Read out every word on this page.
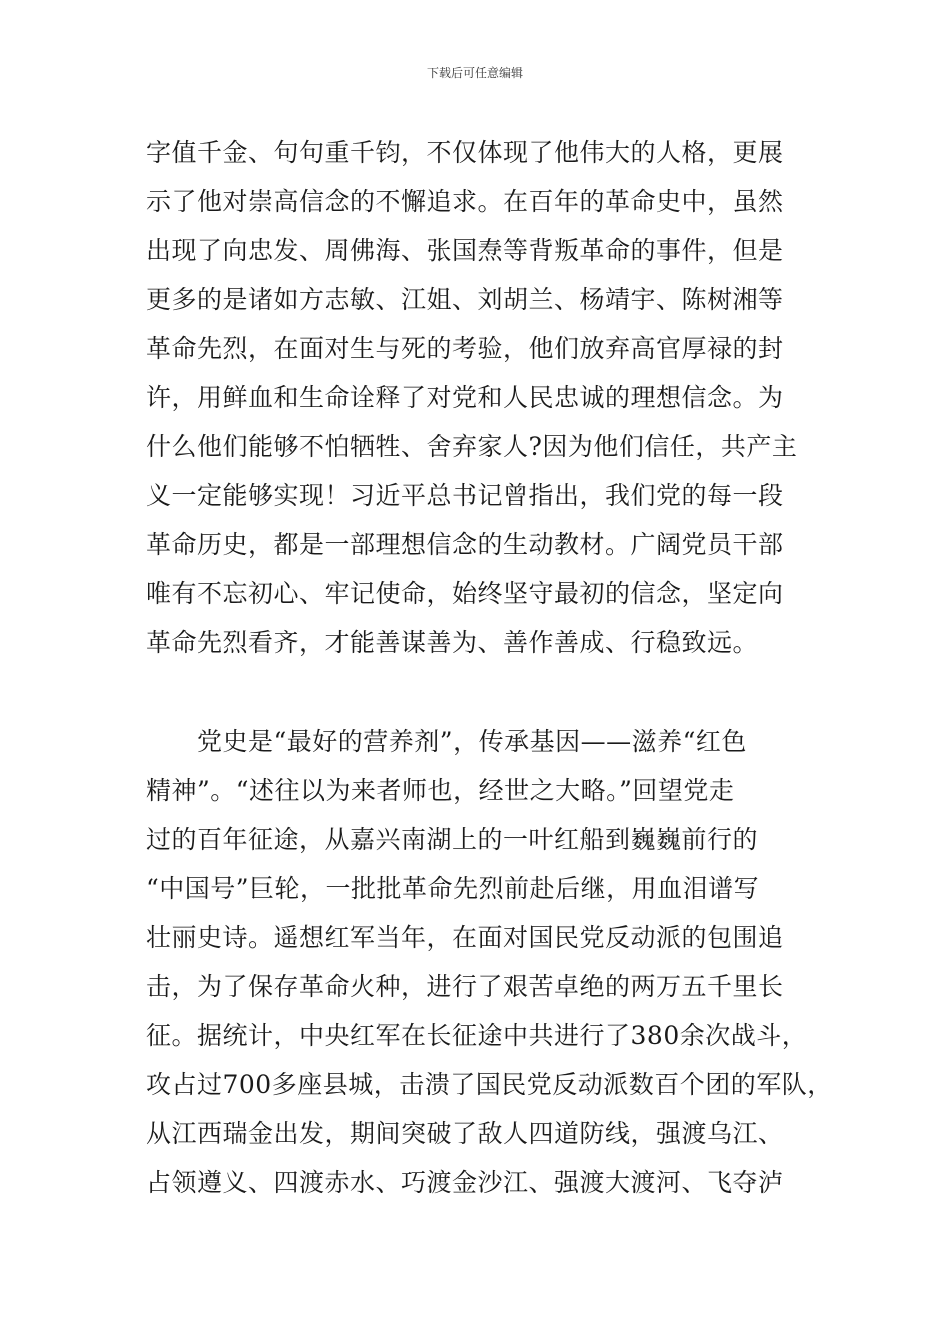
下载后可任意编辑
字值千金、句句重千钧，不仅体现了他伟大的人格，更展
示了他对崇高信念的不懈追求。在百年的革命史中，虽然
出现了向忠发、周佛海、张国焘等背叛革命的事件，但是
更多的是诸如方志敏、江姐、刘胡兰、杨靖宇、陈树湘等
革命先烈，在面对生与死的考验，他们放弃高官厚禄的封
许，用鲜血和生命诠释了对党和人民忠诚的理想信念。为
什么他们能够不怕牺牲、舍弃家人?因为他们信任，共产主
义一定能够实现！习近平总书记曾指出，我们党的每一段
革命历史，都是一部理想信念的生动教材。广阔党员干部
唯有不忘初心、牢记使命，始终坚守最初的信念，坚定向
革命先烈看齐，才能善谋善为、善作善成、行稳致远。
　　党史是“最好的营养剂”，传承基因——滋养“红色
精神”。“述往以为来者师也，经世之大略。”回望党走
过的百年征途，从嘉兴南湖上的一叶红船到巍巍前行的
“中国号”巨轮，一批批革命先烈前赴后继，用血泪谱写
壮丽史诗。遥想红军当年，在面对国民党反动派的包围追
击，为了保存革命火种，进行了艰苦卓绝的两万五千里长
征。据统计，中央红军在长征途中共进行了380余次战斗，
攻占过700多座县城，击溃了国民党反动派数百个团的军队，
从江西瑞金出发，期间突破了敌人四道防线，强渡乌江、
占领遵义、四渡赤水、巧渡金沙江、强渡大渡河、飞夺泸
